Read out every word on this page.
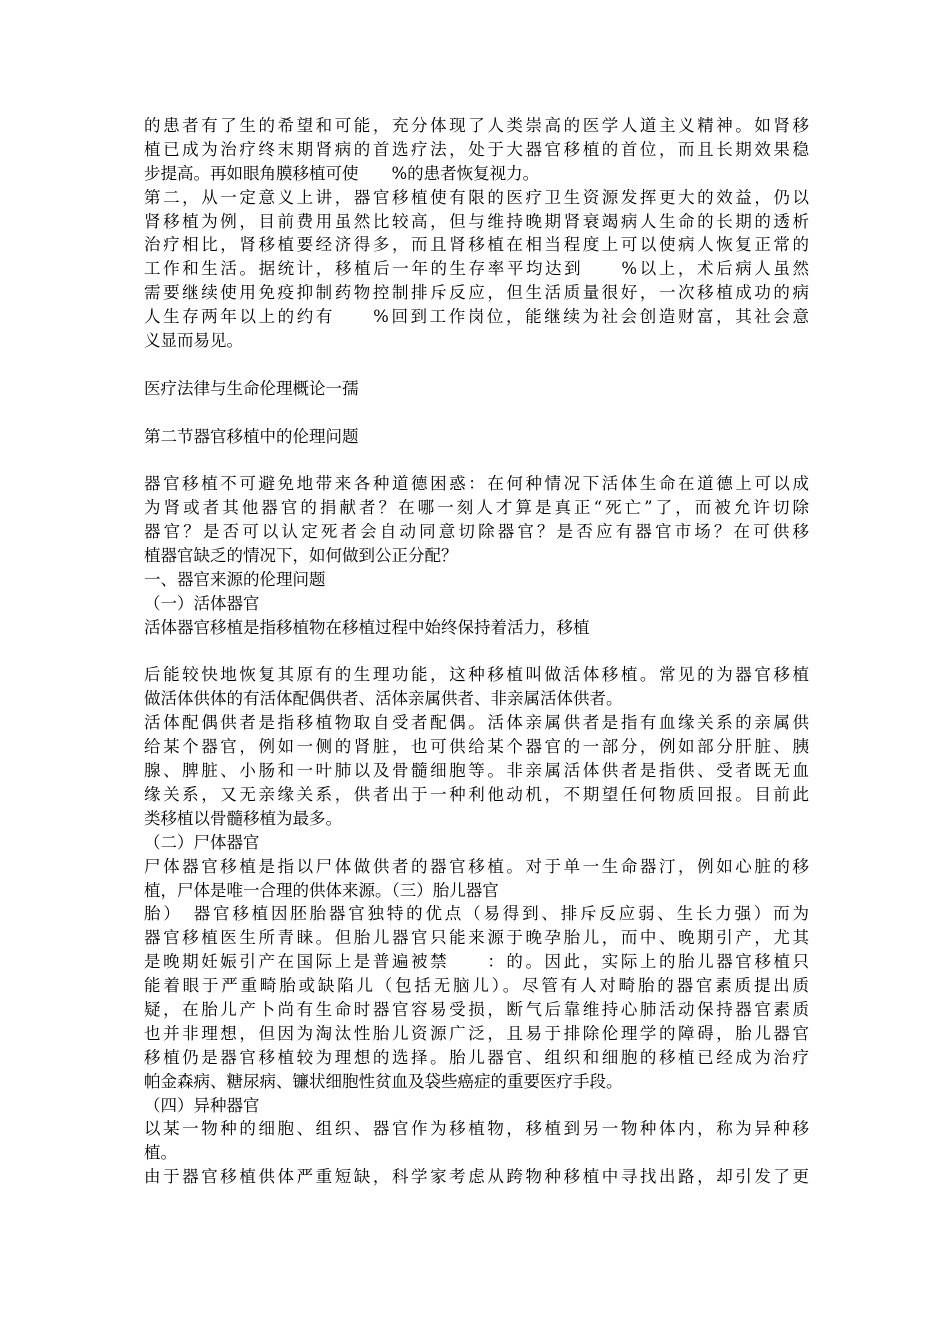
的患者有了生的希望和可能，充分体现了人类崇高的医学人道主义精神。如肾移
植已成为治疗终末期肾病的首选疗法，处于大器官移植的首位，而且长期效果稳
步提高。再如眼角膜移植可使　　%的患者恢复视力。
第二，从一定意义上讲，器官移植使有限的医疗卫生资源发挥更大的效益，仍以
肾移植为例，目前费用虽然比较高，但与维持晚期肾衰竭病人生命的长期的透析
治疗相比，肾移植要经济得多，而且肾移植在相当程度上可以使病人恢复正常的
工作和生活。据统计，移植后一年的生存率平均达到　　%以上，术后病人虽然
需要继续使用免疫抑制药物控制排斥反应，但生活质量很好，一次移植成功的病
人生存两年以上的约有　　%回到工作岗位，能继续为社会创造财富，其社会意
义显而易见。
医疗法律与生命伦理概论一孺
第二节器官移植中的伦理问题
器官移植不可避免地带来各种道德困惑：在何种情况下活体生命在道德上可以成
为肾或者其他器官的捐献者？在哪一刻人才算是真正“死亡”了，而被允许切除
器官？是否可以认定死者会自动同意切除器官？是否应有器官市场？在可供移
植器官缺乏的情况下，如何做到公正分配？
一、器官来源的伦理问题
（一）活体器官
活体器官移植是指移植物在移植过程中始终保持着活力，移植
后能较快地恢复其原有的生理功能，这种移植叫做活体移植。常见的为器官移植
做活体供体的有活体配偶供者、活体亲属供者、非亲属活体供者。
活体配偶供者是指移植物取自受者配偶。活体亲属供者是指有血缘关系的亲属供
给某个器官，例如一侧的肾脏，也可供给某个器官的一部分，例如部分肝脏、胰
腺、脾脏、小肠和一叶肺以及骨髓细胞等。非亲属活体供者是指供、受者既无血
缘关系，又无亲缘关系，供者出于一种利他动机，不期望任何物质回报。目前此
类移植以骨髓移植为最多。
（二）尸体器官
尸体器官移植是指以尸体做供者的器官移植。对于单一生命器汀，例如心脏的移
植，尸体是唯一合理的供体来源。（三）胎儿器官
胎）　器官移植因胚胎器官独特的优点（易得到、排斥反应弱、生长力强）而为
器官移植医生所青睐。但胎儿器官只能来源于晚孕胎儿，而中、晚期引产，尤其
是晚期妊娠引产在国际上是普遍被禁　　：的。因此，实际上的胎儿器官移植只
能着眼于严重畸胎或缺陷儿（包括无脑儿）。尽管有人对畸胎的器官素质提出质
疑，在胎儿产卜尚有生命时器官容易受损，断气后靠维持心肺活动保持器官素质
也并非理想，但因为淘汰性胎儿资源广泛，且易于排除伦理学的障碍，胎儿器官
移植仍是器官移植较为理想的选择。胎儿器官、组织和细胞的移植已经成为治疗
帕金森病、糖尿病、镰状细胞性贫血及袋些癌症的重要医疗手段。
（四）异种器官
以某一物种的细胞、组织、器官作为移植物，移植到另一物种体内，称为异种移
植。
由于器官移植供体严重短缺，科学家考虑从跨物种移植中寻找出路，却引发了更
